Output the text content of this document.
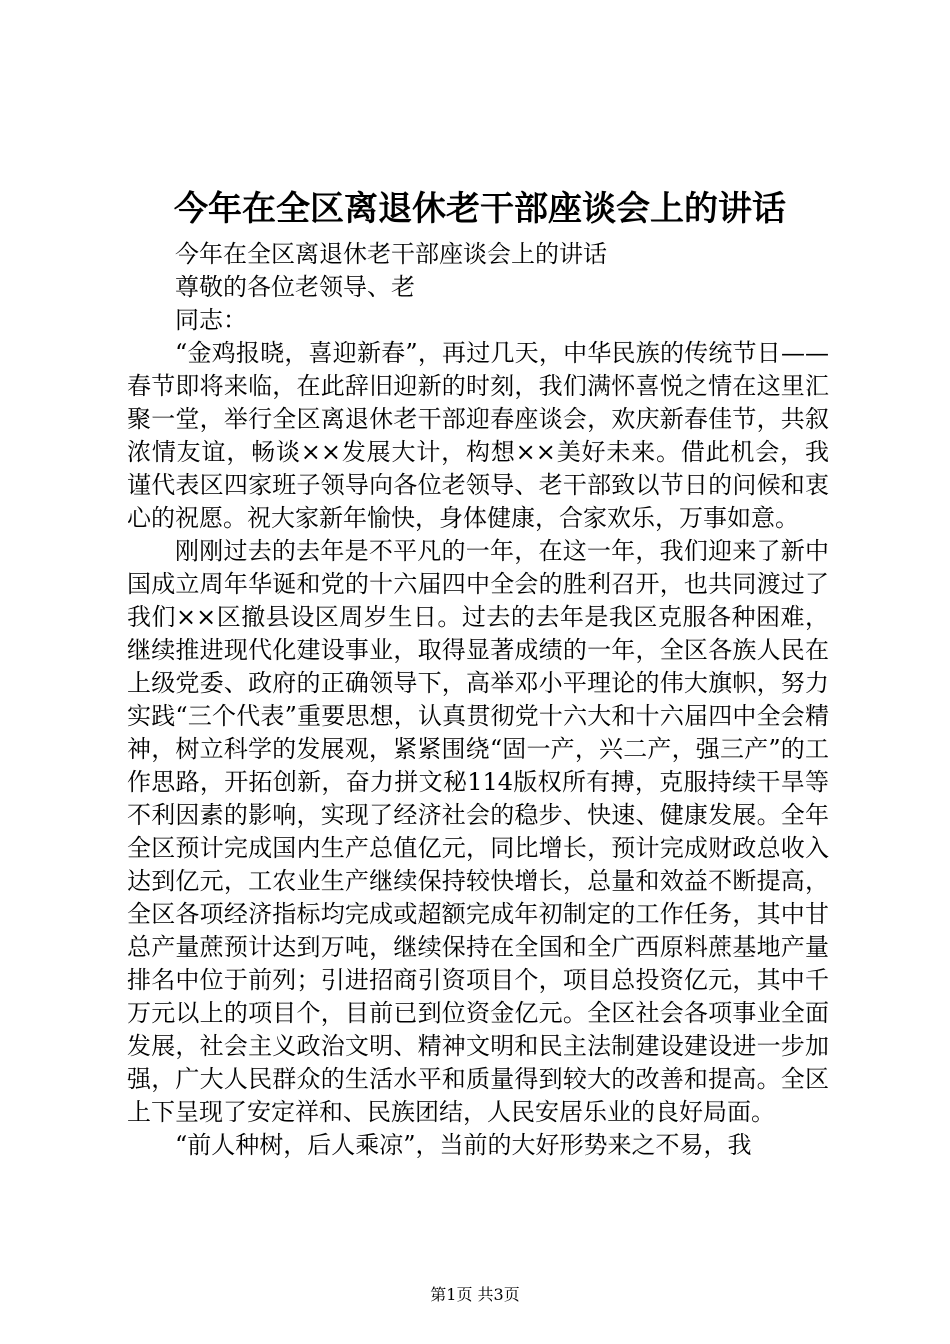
今年在全区离退休老干部座谈会上的讲话

今年在全区离退休老干部座谈会上的讲话

尊敬的各位老领导、老

同志：

“金鸡报晓，喜迎新春”，再过几天，中华民族的传统节日——春节即将来临，在此辞旧迎新的时刻，我们满怀喜悦之情在这里汇聚一堂，举行全区离退休老干部迎春座谈会，欢庆新春佳节，共叙浓情友谊，畅谈××发展大计，构想××美好未来。借此机会，我谨代表区四家班子领导向各位老领导、老干部致以节日的问候和衷心的祝愿。祝大家新年愉快，身体健康，合家欢乐，万事如意。

刚刚过去的去年是不平凡的一年，在这一年，我们迎来了新中国成立周年华诞和党的十六届四中全会的胜利召开，也共同渡过了我们××区撤县设区周岁生日。过去的去年是我区克服各种困难，继续推进现代化建设事业，取得显著成绩的一年，全区各族人民在上级党委、政府的正确领导下，高举邓小平理论的伟大旗帜，努力实践“三个代表”重要思想，认真贯彻党十六大和十六届四中全会精神，树立科学的发展观，紧紧围绕“固一产，兴二产，强三产”的工作思路，开拓创新，奋力拼文秘114版权所有搏，克服持续干旱等不利因素的影响，实现了经济社会的稳步、快速、健康发展。全年全区预计完成国内生产总值亿元，同比增长，预计完成财政总收入达到亿元，工农业生产继续保持较快增长，总量和效益不断提高，全区各项经济指标均完成或超额完成年初制定的工作任务，其中甘总产量蔗预计达到万吨，继续保持在全国和全广西原料蔗基地产量排名中位于前列；引进招商引资项目个，项目总投资亿元，其中千万元以上的项目个，目前已到位资金亿元。全区社会各项事业全面发展，社会主义政治文明、精神文明和民主法制建设建设进一步加强，广大人民群众的生活水平和质量得到较大的改善和提高。全区上下呈现了安定祥和、民族团结，人民安居乐业的良好局面。

“前人种树，后人乘凉”，当前的大好形势来之不易，我

第1页 共3页
